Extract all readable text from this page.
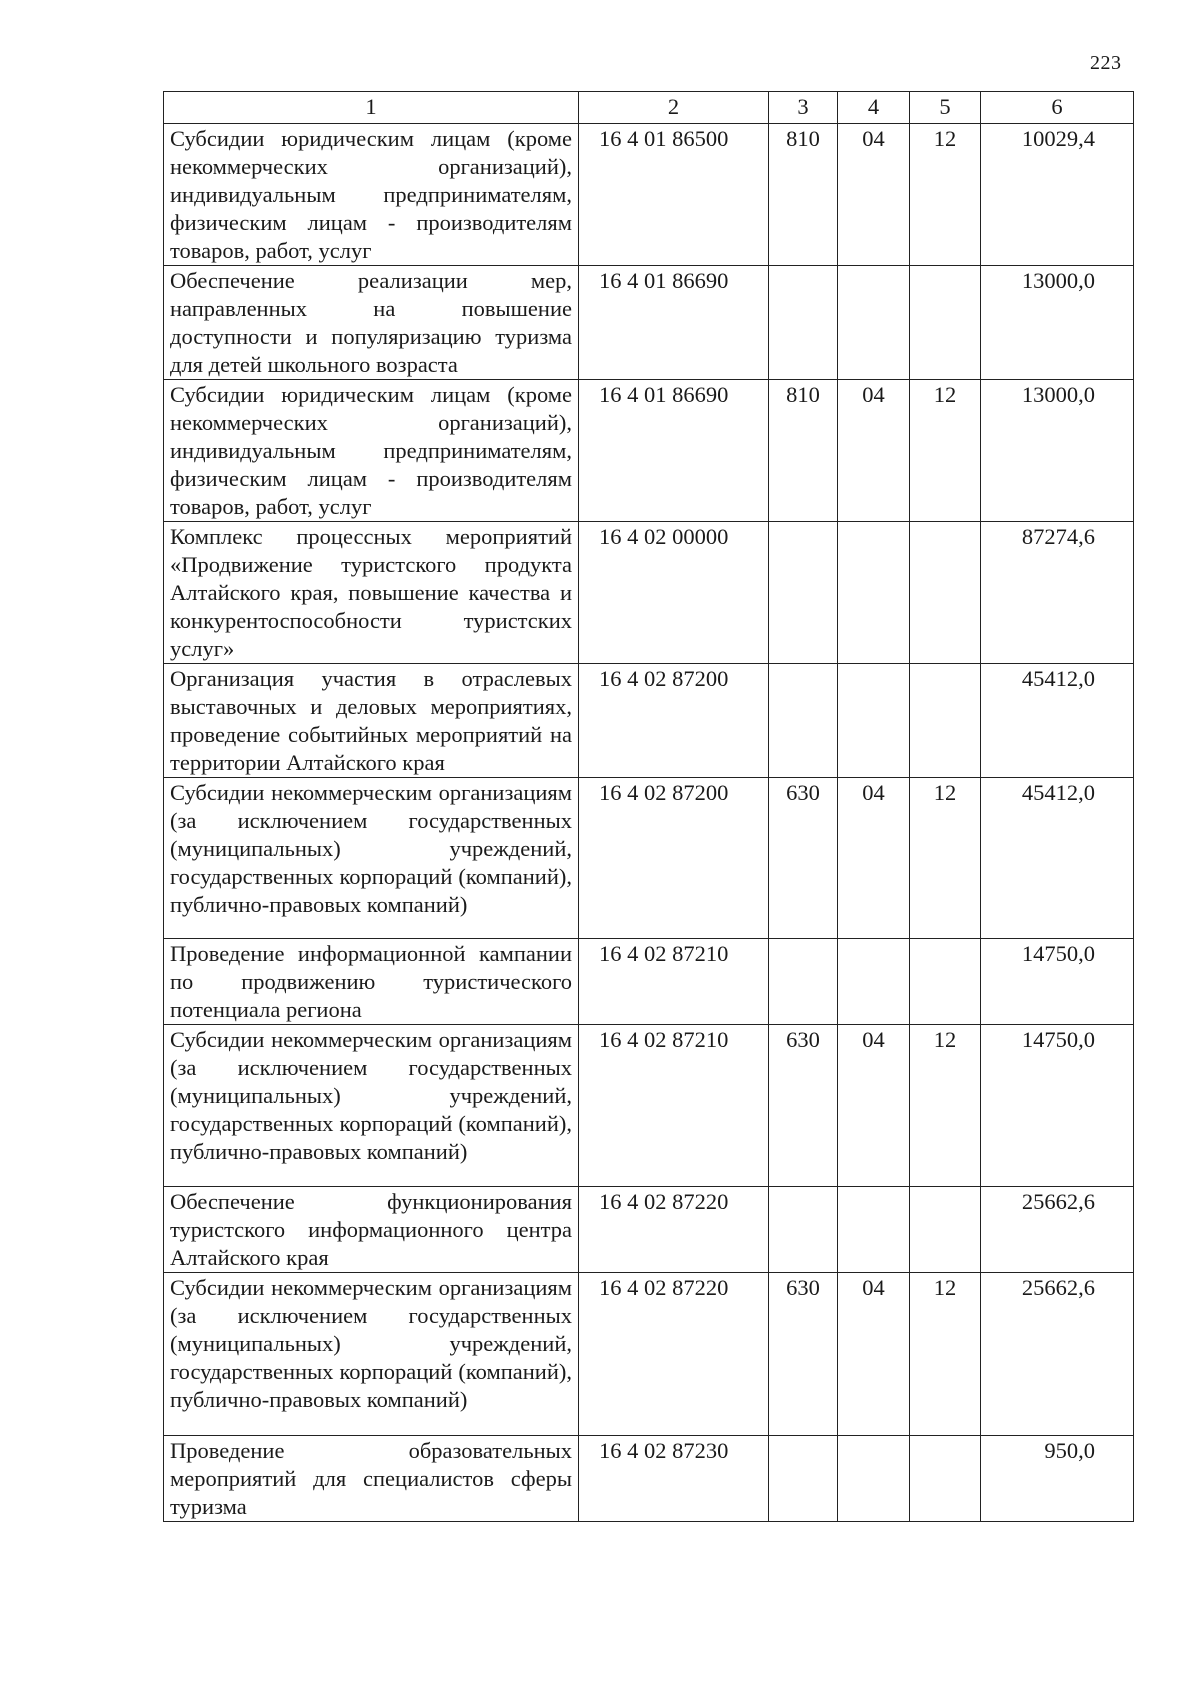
223
1	2	3	4	5	6
Субсидии юридическим лицам (кроме некоммерческих организаций), индивидуальным предпринимателям, физическим лицам - производителям товаров, работ, услуг	16 4 01 86500	810	04	12	10029,4
Обеспечение реализации мер, направленных на повышение доступности и популяризацию туризма для детей школьного возраста	16 4 01 86690				13000,0
Субсидии юридическим лицам (кроме некоммерческих организаций), индивидуальным предпринимателям, физическим лицам - производителям товаров, работ, услуг	16 4 01 86690	810	04	12	13000,0
Комплекс процессных мероприятий «Продвижение туристского продукта Алтайского края, повышение качества и конкурентоспособности туристских услуг»	16 4 02 00000				87274,6
Организация участия в отраслевых выставочных и деловых мероприятиях, проведение событийных мероприятий на территории Алтайского края	16 4 02 87200				45412,0
Субсидии некоммерческим организациям (за исключением государственных (муниципальных) учреждений, государственных корпораций (компаний), публично-правовых компаний)	16 4 02 87200	630	04	12	45412,0
Проведение информационной кампании по продвижению туристического потенциала региона	16 4 02 87210				14750,0
Субсидии некоммерческим организациям (за исключением государственных (муниципальных) учреждений, государственных корпораций (компаний), публично-правовых компаний)	16 4 02 87210	630	04	12	14750,0
Обеспечение функционирования туристского информационного центра Алтайского края	16 4 02 87220				25662,6
Субсидии некоммерческим организациям (за исключением государственных (муниципальных) учреждений, государственных корпораций (компаний), публично-правовых компаний)	16 4 02 87220	630	04	12	25662,6
Проведение образовательных мероприятий для специалистов сферы туризма	16 4 02 87230				950,0
